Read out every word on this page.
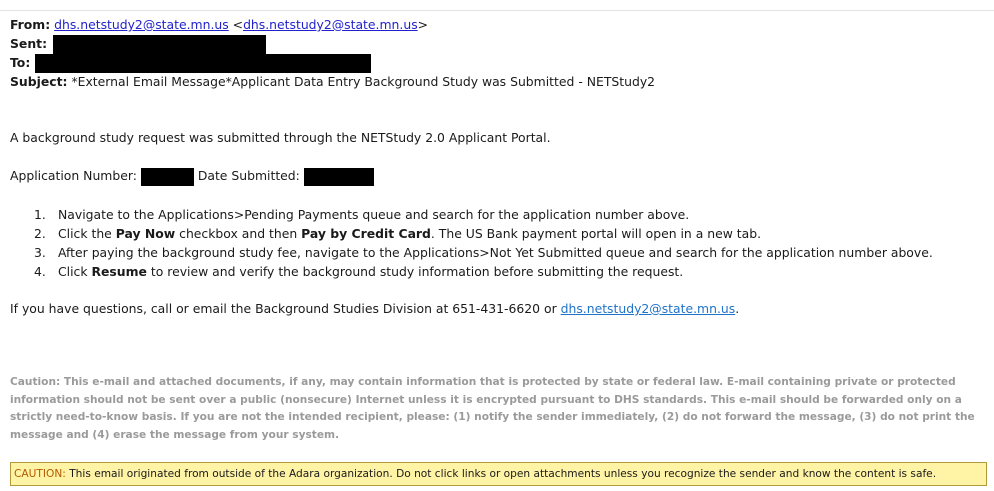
From: dhs.netstudy2@state.mn.us <dhs.netstudy2@state.mn.us>
Sent:
To:
Subject: *External Email Message*Applicant Data Entry Background Study was Submitted - NETStudy2
A background study request was submitted through the NETStudy 2.0 Applicant Portal.
Application Number:	Date Submitted:
1. Navigate to the Applications>Pending Payments queue and search for the application number above.
2. Click the Pay Now checkbox and then Pay by Credit Card. The US Bank payment portal will open in a new tab.
3. After paying the background study fee, navigate to the Applications>Not Yet Submitted queue and search for the application number above.
4. Click Resume to review and verify the background study information before submitting the request.
If you have questions, call or email the Background Studies Division at 651-431-6620 or dhs.netstudy2@state.mn.us.
Caution: This e-mail and attached documents, if any, may contain information that is protected by state or federal law. E-mail containing private or protected information should not be sent over a public (nonsecure) Internet unless it is encrypted pursuant to DHS standards. This e-mail should be forwarded only on a strictly need-to-know basis. If you are not the intended recipient, please: (1) notify the sender immediately, (2) do not forward the message, (3) do not print the message and (4) erase the message from your system.
CAUTION: This email originated from outside of the Adara organization. Do not click links or open attachments unless you recognize the sender and know the content is safe.
